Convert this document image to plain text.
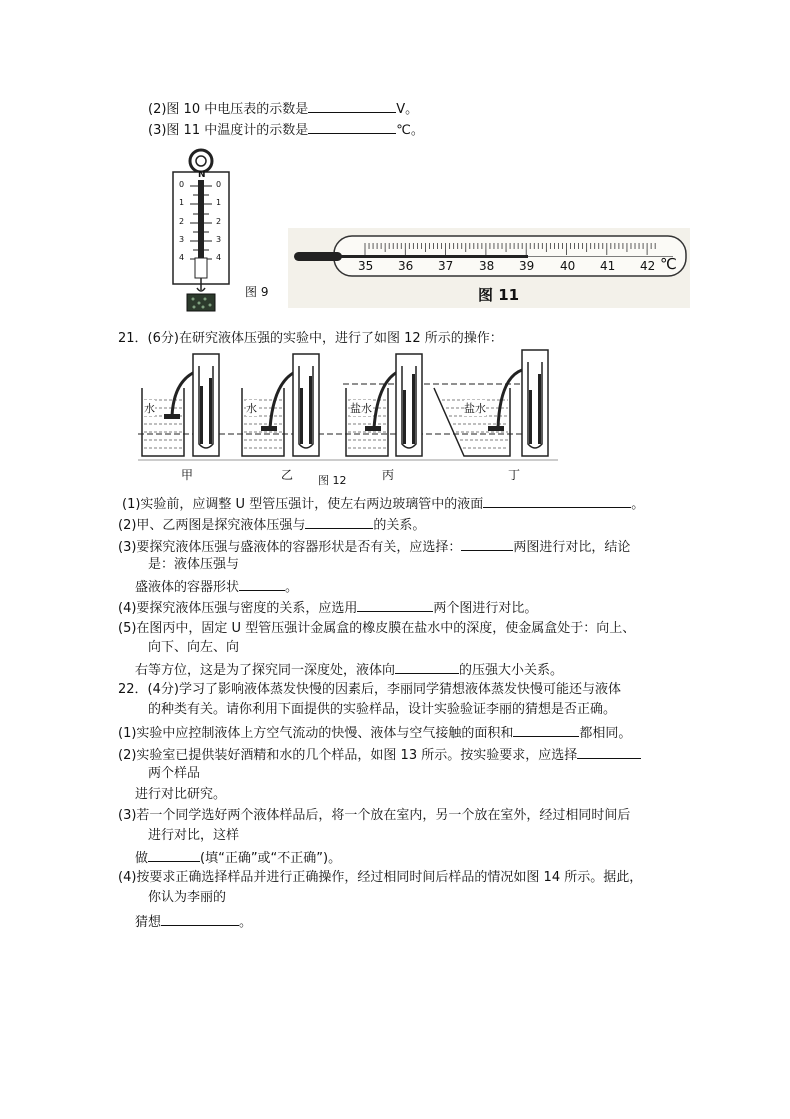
(2)图 10 中电压表的示数是	V。
(3)图 11 中温度计的示数是	℃。
N
0
1
2
3
4
0
1
2
3
4
图 9
35 36 37 38 39 40 41 42 ℃
图 11
21．(6分)在研究液体压强的实验中，进行了如图 12 所示的操作：
水	水	盐水	盐水
甲	乙	丙	丁
图 12
(1)实验前，应调整 U 型管压强计，使左右两边玻璃管中的液面	。
(2)甲、乙两图是探究液体压强与	的关系。
(3)要探究液体压强与盛液体的容器形状是否有关，应选择：	两图进行对比，结论
是：液体压强与
盛液体的容器形状	。
(4)要探究液体压强与密度的关系，应选用	两个图进行对比。
(5)在图丙中，固定 U 型管压强计金属盒的橡皮膜在盐水中的深度，使金属盒处于：向上、
向下、向左、向
右等方位，这是为了探究同一深度处，液体向	的压强大小关系。
22．(4分)学习了影响液体蒸发快慢的因素后，李丽同学猜想液体蒸发快慢可能还与液体
的种类有关。请你利用下面提供的实验样品，设计实验验证李丽的猜想是否正确。
(1)实验中应控制液体上方空气流动的快慢、液体与空气接触的面积和	都相同。
(2)实验室已提供装好酒精和水的几个样品，如图 13 所示。按实验要求，应选择
两个样品
进行对比研究。
(3)若一个同学选好两个液体样品后，将一个放在室内，另一个放在室外，经过相同时间后
进行对比，这样
做	(填“正确”或“不正确”)。
(4)按要求正确选择样品并进行正确操作，经过相同时间后样品的情况如图 14 所示。据此，
你认为李丽的
猜想	。
